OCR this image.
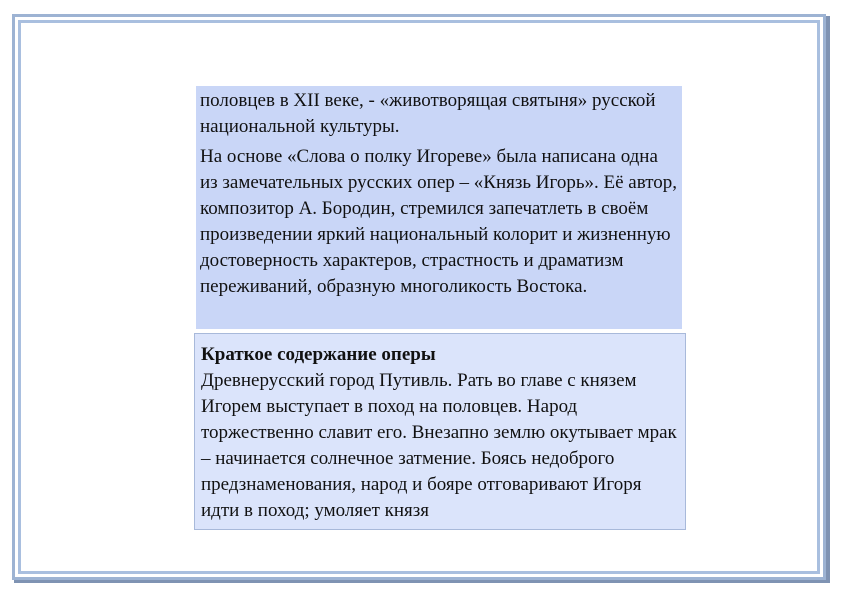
половцев в XII веке, - «животворящая святыня» русской национальной культуры.

На основе «Слова о полку Игореве» была написана одна из замечательных русских опер – «Князь Игорь». Её автор, композитор А. Бородин, стремился запечатлеть в своём произведении яркий национальный колорит и жизненную достоверность характеров, страстность и драматизм переживаний, образную многоликость Востока.

Краткое содержание оперы

Древнерусский город Путивль. Рать во главе с князем Игорем выступает в поход на половцев. Народ торжественно славит его. Внезапно землю окутывает мрак – начинается солнечное затмение. Боясь недоброго предзнаменования, народ и бояре отговаривают Игоря идти в поход; умоляет князя
